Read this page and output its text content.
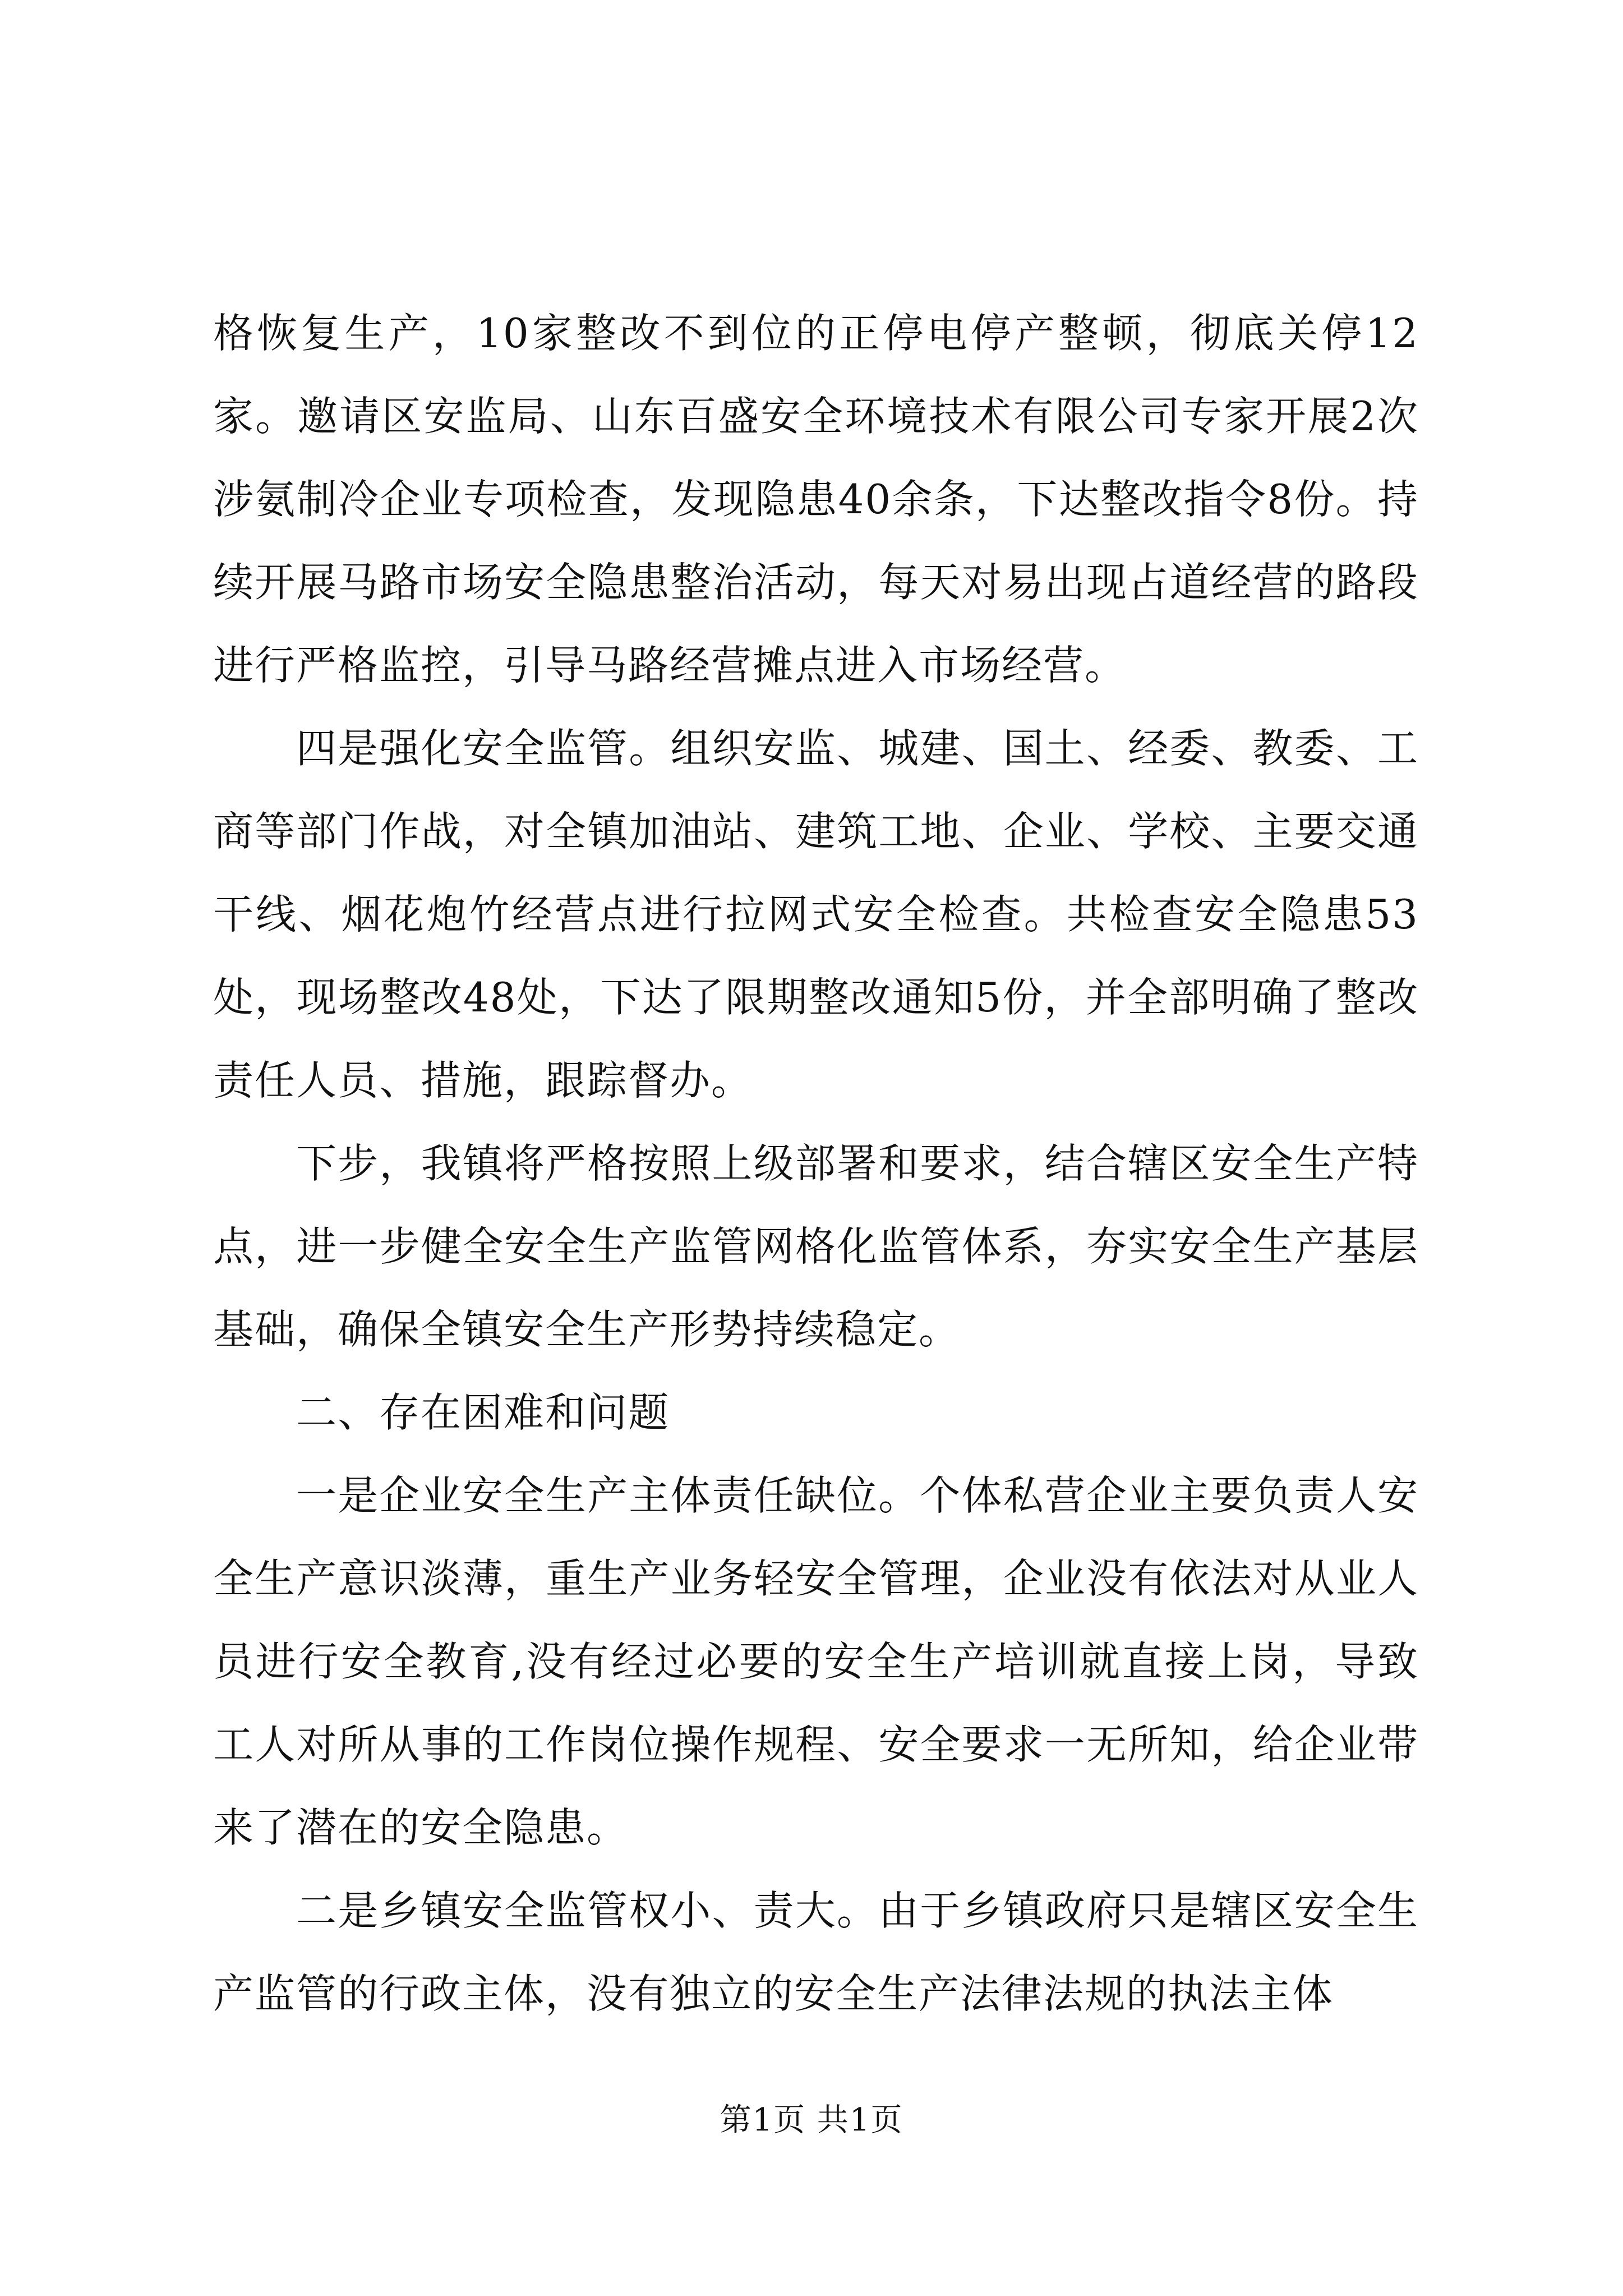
格恢复生产，10家整改不到位的正停电停产整顿，彻底关停12家。邀请区安监局、山东百盛安全环境技术有限公司专家开展2次涉氨制冷企业专项检查，发现隐患40余条，下达整改指令8份。持续开展马路市场安全隐患整治活动，每天对易出现占道经营的路段进行严格监控，引导马路经营摊点进入市场经营。

四是强化安全监管。组织安监、城建、国土、经委、教委、工商等部门作战，对全镇加油站、建筑工地、企业、学校、主要交通干线、烟花炮竹经营点进行拉网式安全检查。共检查安全隐患53处，现场整改48处，下达了限期整改通知5份，并全部明确了整改责任人员、措施，跟踪督办。

下步，我镇将严格按照上级部署和要求，结合辖区安全生产特点，进一步健全安全生产监管网格化监管体系，夯实安全生产基层基础，确保全镇安全生产形势持续稳定。

二、存在困难和问题

一是企业安全生产主体责任缺位。个体私营企业主要负责人安全生产意识淡薄，重生产业务轻安全管理，企业没有依法对从业人员进行安全教育,没有经过必要的安全生产培训就直接上岗，导致工人对所从事的工作岗位操作规程、安全要求一无所知，给企业带来了潜在的安全隐患。

二是乡镇安全监管权小、责大。由于乡镇政府只是辖区安全生产监管的行政主体，没有独立的安全生产法律法规的执法主体

第1页 共1页
